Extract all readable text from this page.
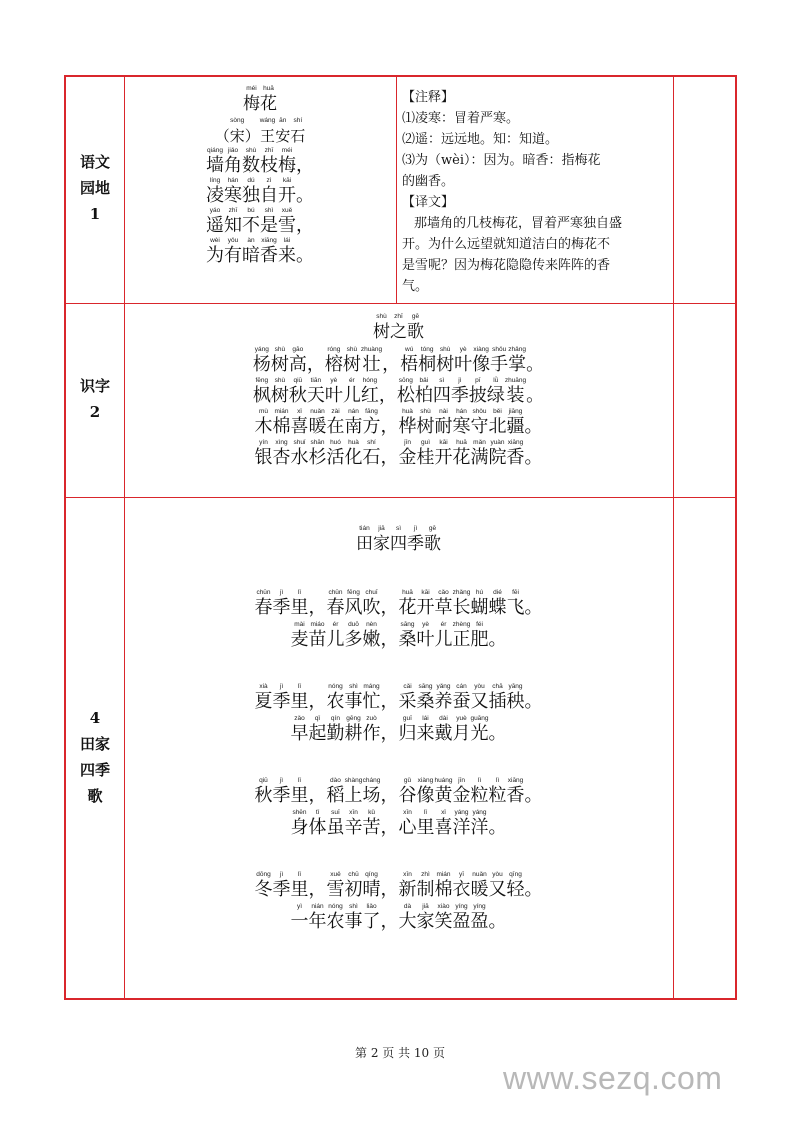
语文
园地
1
识字
2
4
田家
四季
歌
méi
梅
huā
花

（
sòng
宋
）
wáng
王
ān
安
shí
石
qiáng
墙
jiǎo
角
shù
数
zhī
枝
méi
梅
，
líng
凌
hán
寒
dú
独
zì
自
kāi
开
。
yáo
遥
zhī
知
bú
不
shì
是
xuě
雪
，
wèi
为
yǒu
有
àn
暗
xiāng
香
lái
来
。
【注释】
⑴凌寒：冒着严寒。
⑵遥：远远地。知：知道。
⑶为（wèi）：因为。暗香：指梅花
的幽香。
【译文】
那墙角的几枝梅花，冒着严寒独自盛
开。为什么远望就知道洁白的梅花不
是雪呢？因为梅花隐隐传来阵阵的香
气。
shù
树
zhī
之
gē
歌
yáng
杨
shù
树
gāo
高
，
róng
榕
shù
树
zhuàng
壮
，
wú
梧
tóng
桐
shù
树
yè
叶
xiàng
像
shǒu
手
zhǎng
掌
。
fēng
枫
shù
树
qiū
秋
tiān
天
yè
叶
ér
儿
hóng
红
，
sōng
松
bǎi
柏
sì
四
jì
季
pī
披
lǜ
绿
zhuāng
装
。
mù
木
mián
棉
xǐ
喜
nuǎn
暖
zài
在
nán
南
fāng
方
，
huà
桦
shù
树
nài
耐
hán
寒
shǒu
守
běi
北
jiāng
疆
。
yín
银
xìng
杏
shuǐ
水
shān
杉
huó
活
huà
化
shí
石
，
jīn
金
guì
桂
kāi
开
huā
花
mǎn
满
yuàn
院
xiāng
香
。
tián
田
jiā
家
sì
四
jì
季
gē
歌
chūn
春
jì
季
lǐ
里
，
chūn
春
fēng
风
chuī
吹
，
huā
花
kāi
开
cǎo
草
zhǎng
长
hú
蝴
dié
蝶
fēi
飞
。
mài
麦
miáo
苗
ér
儿
duō
多
nèn
嫩
，
sāng
桑
yè
叶
ér
儿
zhèng
正
féi
肥
。
xià
夏
jì
季
lǐ
里
，
nóng
农
shì
事
máng
忙
，
cǎi
采
sāng
桑
yǎng
养
cán
蚕
yòu
又
chā
插
yāng
秧
。
zǎo
早
qǐ
起
qín
勤
gēng
耕
zuò
作
，
guī
归
lái
来
dài
戴
yuè
月
guāng
光
。
qiū
秋
jì
季
lǐ
里
，
dào
稻
shàng
上
cháng
场
，
gǔ
谷
xiàng
像
huáng
黄
jīn
金
lì
粒
lì
粒
xiāng
香
。
shēn
身
tǐ
体
suī
虽
xīn
辛
kǔ
苦
，
xīn
心
lǐ
里
xǐ
喜
yáng
洋
yáng
洋
。
dōng
冬
jì
季
lǐ
里
，
xuě
雪
chū
初
qíng
晴
，
xīn
新
zhì
制
mián
棉
yī
衣
nuǎn
暖
yòu
又
qīng
轻
。
yì
一
nián
年
nóng
农
shì
事
liǎo
了
，
dà
大
jiā
家
xiào
笑
yíng
盈
yíng
盈
。
第 2 页 共 10 页
www.sezq.com
